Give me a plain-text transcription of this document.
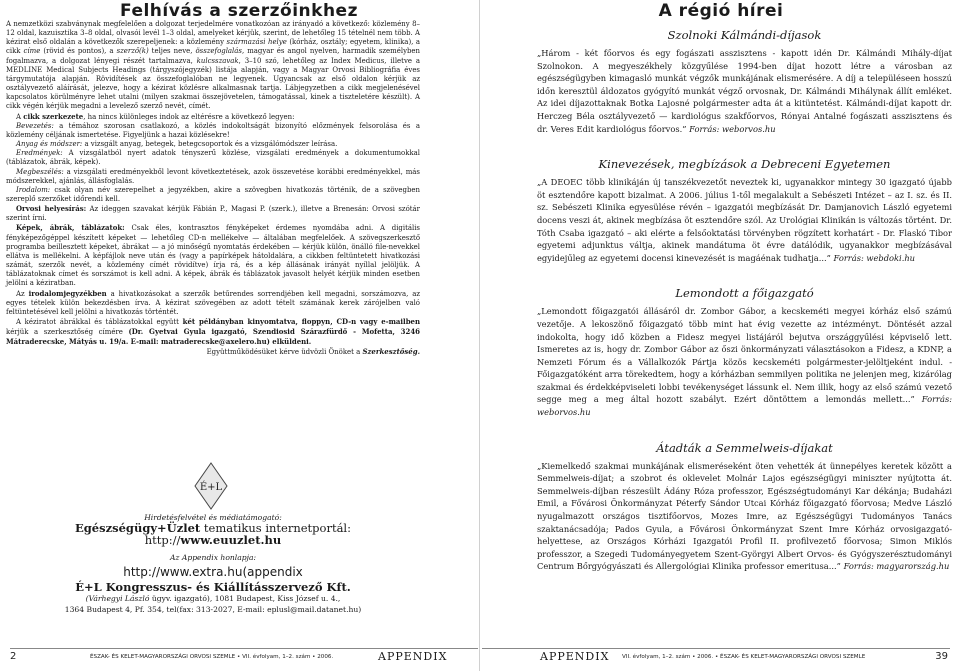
Felhívás a szerzőinkhez	A régió hírei

A nemzetközi szabványnak megfelelően a dolgozat terjedelmére vonatkozóan az irányadó a következő: közlemény 8–12 oldal, kazuisztika 3–8 oldal, olvasói levél 1–3 oldal, amelyeket kérjük, szerint, de lehetőleg 15 tételnél nem több. A kézirat első oldalán a következők szerepeljenek: a közlemény származási helye (kórház, osztály; egyetem, klinika), a cikk címe (rövid és pontos), a szerző(k) teljes neve, összefoglalás, magyar és angol nyelven, harmadik személyben fogalmazva, a dolgozat lényegi részét tartalmazva, kulcsszavak, 3–10 szó, lehetőleg az Index Medicus, illetve a MEDLINE Medical Subjects Headings (tárgyszójegyzék) listája alapján, vagy a Magyar Orvosi Bibliográfia éves tárgymutatója alapján. Rövidítések az összefoglalóban ne legyenek. Ugyancsak az első oldalon kérjük az osztályvezető aláírását, jelezve, hogy a kézirat közlésre alkalmasnak tartja. Lábjegyzetben a cikk megjelenésével kapcsolatos körülményre lehet utalni (milyen szakmai összejövetelen, támogatással, kinek a tiszteletére készült). A cikk végén kérjük megadni a levelező szerző nevét, címét.

A cikk szerkezete, ha nincs különleges indok az eltérésre a következő legyen:

Bevezetés: a témához szorosan csatlakozó, a közlés indokoltságát bizonyító előzmények felsorolása és a közlemény céljának ismertetése. Figyeljünk a hazai közlésekre!

Anyag és módszer: a vizsgált anyag, betegek, betegcsoportok és a vizsgálómódszer leírása.

Eredmények: A vizsgálatból nyert adatok tényszerű közlése, vizsgálati eredmények a dokumentumokkal (táblázatok, ábrák, képek).

Megbeszélés: a vizsgálati eredményekből levont következtetések, azok összevetése korábbi eredményekkel, más módszerekkel, ajánlás, állásfoglalás.

Irodalom: csak olyan név szerepelhet a jegyzékben, akire a szövegben hivatkozás történik, de a szövegben szereplő szerzőket időrendi kell.

Orvosi helyesírás: Az ideggen szavakat kérjük Fábián P., Magasi P. (szerk.), illetve a Brenesán: Orvosi szótár szerint írni.

Képek, ábrák, táblázatok: Csak éles, kontrasztos fényképeket érdemes nyomdába adni. A digitális fényképezőgéppel készített képeket — lehetőleg CD-n mellékelve — általában megfelelőek. A szövegszerkesztő programba beillesztett képeket, ábrákat — a jó minőségű nyomtatás érdekében — kérjük külön, önálló file-nevekkel ellátva is mellékelni. A képfájlok neve után és (vagy a papírképek hátoldalára, a cikkben feltüntetett hivatkozási számát, szerzők nevét, a közlemény címét rövidítve) írja rá, és a kép állásának irányát nyíllal jelöljük. A táblázatoknak címet és sorszámot is kell adni. A képek, ábrák és táblázatok javasolt helyét kérjük minden esetben jelölni a kéziratban.

Az irodalomjegyzékben a hivatkozásokat a szerzők betűrendes sorrendjében kell megadni, sorszámozva, az egyes tételek külön bekezdésben írva. A kézirat szövegében az adott tételt számának kerek zárójelben való feltüntetésével kell jelölni a hivatkozás történtét.

A kéziratot ábrákkal és táblázatokkal együtt két példányban kinyomtatva, floppyn, CD-n vagy e-mailben kérjük a szerkesztőség címére (Dr. Gyetvai Gyula igazgató, Szendiosid Szárazfürdő - Mofetta, 3246 Mátraderecske, Mátyás u. 19/a. E-mail: matraderecske@axelero.hu) elküldeni.

Együttműködésüket kérve üdvözli Önöket a Szerkesztőség.

É+L
Hirdetésfelvétel és médiatámogató:
Egészségügy+Üzlet tematikus internetportál: http://www.euuzlet.hu
Az Appendix honlapja:
http://www.extra.hu(appendix
É+L Kongresszus- és Kiállításszervező Kft.
(Várhegyi László ügyv. igazgató), 1081 Budapest, Kiss József u. 4.,
1364 Budapest 4, Pf. 354, tel(fax: 313-2027, E-mail: eplusl@mail.datanet.hu)
Szolnoki Kálmándi-díjasok

„Három - két főorvos és egy fogászati asszisztens - kapott idén Dr. Kálmándi Mihály-díjat Szolnokon. A megyeszékhely közgyűlése 1994-ben díjat hozott létre a városban az egészségügyben kimagasló munkát végzők munkájának elismerésére. A díj a településeen hosszú időn keresztül áldozatos gyógyító munkát végző orvosnak, Dr. Kálmándi Mihálynak állít emléket. Az idei díjazottaknak Botka Lajosné polgármester adta át a kitüntetést. Kálmándi-díjat kapott dr. Herczeg Béla osztályvezető — kardiológus szakfőorvos, Rónyai Antalné fogászati asszisztens és dr. Veres Edit kardiológus főorvos.” Forrás: weborvos.hu

Kinevezések, megbízások a Debreceni Egyetemen

„A DEOEC több klinikáján új tanszékvezetőt neveztek ki, ugyanakkor mintegy 30 igazgató újabb öt esztendőre kapott bizalmat. A 2006. július 1-től megalakult a Sebészeti Intézet – az I. sz. és II. sz. Sebészeti Klinika egyesülése révén – igazgatói megbízását Dr. Damjanovich László egyetemi docens veszi át, akinek megbízása öt esztendőre szól. Az Urológiai Klinikán is változás történt. Dr. Tóth Csaba igazgató – aki elérte a felsőoktatási törvényben rögzített korhatárt - Dr. Flaskó Tibor egyetemi adjunktus váltja, akinek mandátuma öt évre datálódik, ugyanakkor megbízásával egyidejűleg az egyetemi docensi kinevezését is magáénak tudhatja...” Forrás: webdoki.hu

Lemondott a főigazgató

„Lemondott főigazgatói állásáról dr. Zombor Gábor, a kecskeméti megyei kórház első számú vezetője. A lekoszönő főigazgató több mint hat évig vezette az intézményt. Döntését azzal indokolta, hogy idő közben a Fidesz megyei listájáról bejutva országgyűlési képviselő lett. Ismeretes az is, hogy dr. Zombor Gábor az őszi önkormányzati választásokon a Fidesz, a KDNP, a Nemzeti Fórum és a Vállalkozók Pártja közös kecskeméti polgármester-jelöltjeként indul. - Főigazgatóként arra törekedtem, hogy a kórházban semmilyen politika ne jelenjen meg, kizárólag szakmai és érdekképviseleti lobbi tevékenységet lássunk el. Nem illik, hogy az első számú vezető segge meg a meg által hozott szabályt. Ezért döntöttem a lemondás mellett...” Forrás: weborvos.hu

Átadták a Semmelweis-díjakat

„Kiemelkedő szakmai munkájának elismeréseként öten vehették át ünnepélyes keretek között a Semmelweis-díjat; a szobrot és oklevelet Molnár Lajos egészségügyi miniszter nyújtotta át. Semmelweis-díjban részesült Ádány Róza professzor, Egészségtudományi Kar dékánja; Budaházi Emil, a Fővárosi Önkormányzat Péterfy Sándor Utcai Kórház főigazgató főorvosa; Medve László nyugalmazott országos tisztifőorvos, Mozes Imre, az Egészségügyi Tudományos Tanács szaktanácsadója; Pados Gyula, a Fővárosi Önkormányzat Szent Imre Kórház orvosigazgató-helyettese, az Országos Kórházi Igazgatói Profil II. profilvezető főorvosa; Simon Miklós professzor, a Szegedi Tudományegyetem Szent-Györgyi Albert Orvos- és Gyógyszerésztudományi Centrum Bőrgyógyászati és Allergológiai Klinika professor emeritusa...” Forrás: magyarország.hu

2	ÉSZAK- ÉS KELET-MAGYARORSZÁGI ORVOSI SZEMLE • VII. évfolyam, 1–2. szám • 2006.	APPENDIX	APPENDIX VII. évfolyam, 1–2. szám • 2006. • ÉSZAK- ÉS KELET-MAGYARORSZÁGI ORVOSI SZEMLE	39
